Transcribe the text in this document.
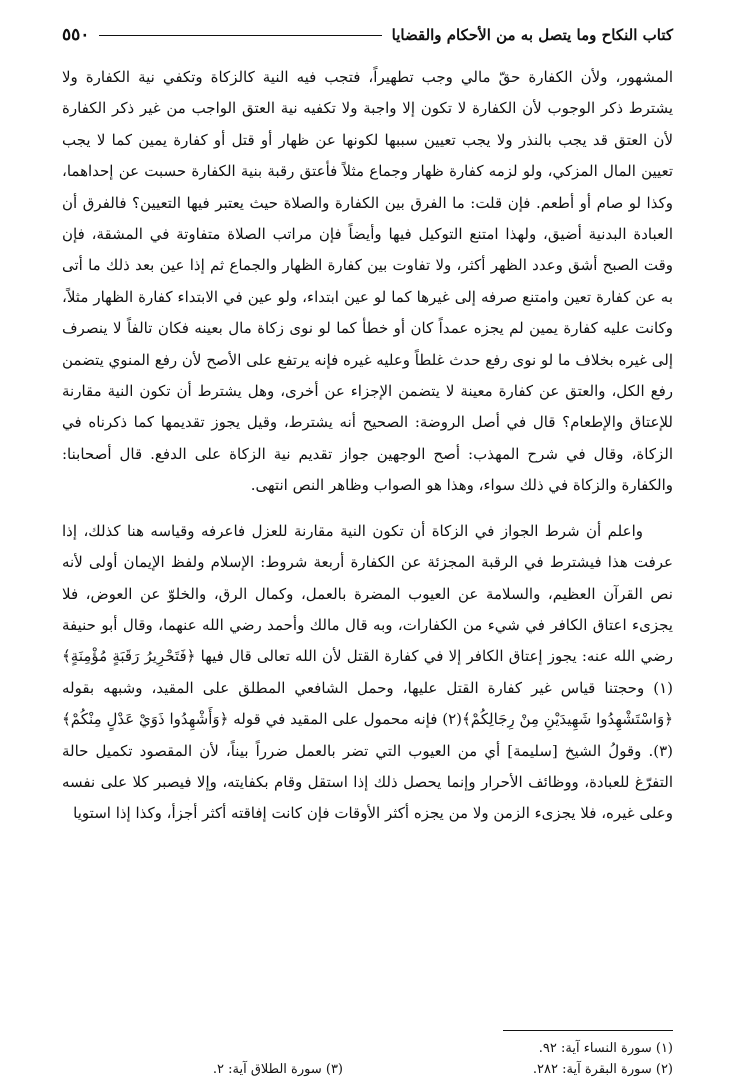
٥٥٠	كتاب النكاح وما يتصل به من الأحكام والقضايا

المشهور، ولأن الكفارة حقّ مالي وجب تطهيراً، فتجب فيه النية كالزكاة وتكفي نية الكفارة ولا يشترط ذكر الوجوب لأن الكفارة لا تكون إلا واجبة ولا تكفيه نية العتق الواجب من غير ذكر الكفارة لأن العتق قد يجب بالنذر ولا يجب تعيين سببها لكونها عن ظهار أو قتل أو كفارة يمين كما لا يجب تعيين المال المزكي، ولو لزمه كفارة ظهار وجماع مثلاً فأعتق رقبة بنية الكفارة حسبت عن إحداهما، وكذا لو صام أو أطعم. فإن قلت: ما الفرق بين الكفارة والصلاة حيث يعتبر فيها التعيين؟ فالفرق أن العبادة البدنية أضيق، ولهذا امتنع التوكيل فيها وأيضاً فإن مراتب الصلاة متفاوتة في المشقة، فإن وقت الصبح أشق وعدد الظهر أكثر، ولا تفاوت بين كفارة الظهار والجماع ثم إذا عين بعد ذلك ما أتى به عن كفارة تعين وامتنع صرفه إلى غيرها كما لو عين ابتداء، ولو عين في الابتداء كفارة الظهار مثلاً، وكانت عليه كفارة يمين لم يجزه عمداً كان أو خطأ كما لو نوى زكاة مال بعينه فكان تالفاً لا ينصرف إلى غيره بخلاف ما لو نوى رفع حدث غلطاً وعليه غيره فإنه يرتفع على الأصح لأن رفع المنوي يتضمن رفع الكل، والعتق عن كفارة معينة لا يتضمن الإجزاء عن أخرى، وهل يشترط أن تكون النية مقارنة للإعتاق والإطعام؟ قال في أصل الروضة: الصحيح أنه يشترط، وقيل يجوز تقديمها كما ذكرناه في الزكاة، وقال في شرح المهذب: أصح الوجهين جواز تقديم نية الزكاة على الدفع. قال أصحابنا: والكفارة والزكاة في ذلك سواء، وهذا هو الصواب وظاهر النص انتهى.

واعلم أن شرط الجواز في الزكاة أن تكون النية مقارنة للعزل فاعرفه وقياسه هنا كذلك، إذا عرفت هذا فيشترط في الرقبة المجزئة عن الكفارة أربعة شروط: الإسلام ولفظ الإيمان أولى لأنه نص القرآن العظيم، والسلامة عن العيوب المضرة بالعمل، وكمال الرق، والخلوّ عن العوض، فلا يجزىء اعتاق الكافر في شيء من الكفارات، وبه قال مالك وأحمد رضي الله عنهما، وقال أبو حنيفة رضي الله عنه: يجوز إعتاق الكافر إلا في كفارة القتل لأن الله تعالى قال فيها ﴿فَتَحْرِيرُ رَقَبَةٍ مُؤْمِنَةٍ﴾(١) وحجتنا قياس غير كفارة القتل عليها، وحمل الشافعي المطلق على المقيد، وشبهه بقوله ﴿وَاسْتَشْهِدُوا شَهِيدَيْنِ مِنْ رِجَالِكُمْ﴾(٢) فإنه محمول على المقيد في قوله ﴿وَأَشْهِدُوا ذَوَيْ عَدْلٍ مِنْكُمْ﴾(٣). وقولُ الشيخ [سليمة] أي من العيوب التي تضر بالعمل ضرراً بيناً، لأن المقصود تكميل حالة التفرّغ للعبادة، ووظائف الأحرار وإنما يحصل ذلك إذا استقل وقام بكفايته، وإلا فيصبر كلا على نفسه وعلى غيره، فلا يجزىء الزمن ولا من يجزه أكثر الأوقات فإن كانت إفاقته أكثر أجزأ، وكذا إذا استويا

(١) سورة النساء آية: ٩٢.
(٢) سورة البقرة آية: ٢٨٢.
(٣) سورة الطلاق آية: ٢.
